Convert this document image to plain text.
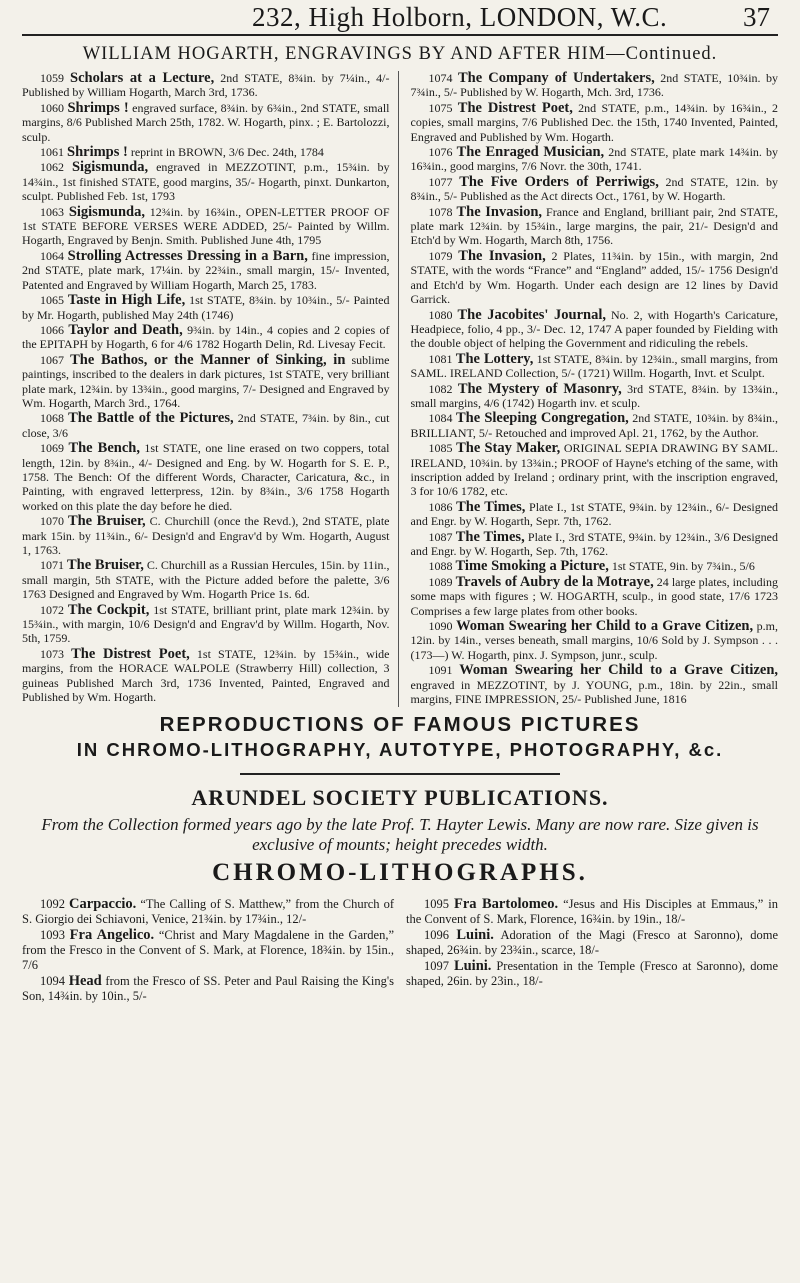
232, High Holborn, LONDON, W.C.	37
WILLIAM HOGARTH, ENGRAVINGS BY AND AFTER HIM—Continued.

1059 Scholars at a Lecture, 2nd STATE, 8¾in. by 7¼in., 4/- Published by William Hogarth, March 3rd, 1736.

1060 Shrimps ! engraved surface, 8¾in. by 6¾in., 2nd STATE, small margins, 8/6 Published March 25th, 1782. W. Hogarth, pinx. ; E. Bartolozzi, sculp.

1061 Shrimps ! reprint in BROWN, 3/6 Dec. 24th, 1784

1062 Sigismunda, engraved in MEZZOTINT, p.m., 15¾in. by 14¾in., 1st finished STATE, good margins, 35/- Hogarth, pinxt. Dunkarton, sculpt. Published Feb. 1st, 1793

1063 Sigismunda, 12¾in. by 16¾in., OPEN-LETTER PROOF OF 1st STATE BEFORE VERSES WERE ADDED, 25/- Painted by Willm. Hogarth, Engraved by Benjn. Smith. Published June 4th, 1795

1064 Strolling Actresses Dressing in a Barn, fine impression, 2nd STATE, plate mark, 17¼in. by 22¾in., small margin, 15/- Invented, Patented and Engraved by William Hogarth, March 25, 1783.

1065 Taste in High Life, 1st STATE, 8¾in. by 10¾in., 5/- Painted by Mr. Hogarth, published May 24th (1746)

1066 Taylor and Death, 9¾in. by 14in., 4 copies and 2 copies of the EPITAPH by Hogarth, 6 for 4/6 1782 Hogarth Delin, Rd. Livesay Fecit.

1067 The Bathos, or the Manner of Sinking, in sublime paintings, inscribed to the dealers in dark pictures, 1st STATE, very brilliant plate mark, 12¾in. by 13¾in., good margins, 7/- Designed and Engraved by Wm. Hogarth, March 3rd., 1764.

1068 The Battle of the Pictures, 2nd STATE, 7¾in. by 8in., cut close, 3/6

1069 The Bench, 1st STATE, one line erased on two coppers, total length, 12in. by 8¾in., 4/- Designed and Eng. by W. Hogarth for S. E. P., 1758. The Bench: Of the different Words, Character, Caricatura, &c., in Painting, with engraved letterpress, 12in. by 8¾in., 3/6 1758 Hogarth worked on this plate the day before he died.

1070 The Bruiser, C. Churchill (once the Revd.), 2nd STATE, plate mark 15in. by 11¾in., 6/- Design'd and Engrav'd by Wm. Hogarth, August 1, 1763.

1071 The Bruiser, C. Churchill as a Russian Hercules, 15in. by 11in., small margin, 5th STATE, with the Picture added before the palette, 3/6 1763 Designed and Engraved by Wm. Hogarth Price 1s. 6d.

1072 The Cockpit, 1st STATE, brilliant print, plate mark 12¾in. by 15¾in., with margin, 10/6 Design'd and Engrav'd by Willm. Hogarth, Nov. 5th, 1759.

1073 The Distrest Poet, 1st STATE, 12¾in. by 15¾in., wide margins, from the HORACE WALPOLE (Strawberry Hill) collection, 3 guineas Published March 3rd, 1736 Invented, Painted, Engraved and Published by Wm. Hogarth.

1074 The Company of Undertakers, 2nd STATE, 10¾in. by 7¾in., 5/- Published by W. Hogarth, Mch. 3rd, 1736.

1075 The Distrest Poet, 2nd STATE, p.m., 14¾in. by 16¾in., 2 copies, small margins, 7/6 Published Dec. the 15th, 1740 Invented, Painted, Engraved and Published by Wm. Hogarth.

1076 The Enraged Musician, 2nd STATE, plate mark 14¾in. by 16¾in., good margins, 7/6 Novr. the 30th, 1741.

1077 The Five Orders of Perriwigs, 2nd STATE, 12in. by 8¾in., 5/- Published as the Act directs Oct., 1761, by W. Hogarth.

1078 The Invasion, France and England, brilliant pair, 2nd STATE, plate mark 12¾in. by 15¾in., large margins, the pair, 21/- Design'd and Etch'd by Wm. Hogarth, March 8th, 1756.

1079 The Invasion, 2 Plates, 11¾in. by 15in., with margin, 2nd STATE, with the words “France” and “England” added, 15/- 1756 Design'd and Etch'd by Wm. Hogarth. Under each design are 12 lines by David Garrick.

1080 The Jacobites' Journal, No. 2, with Hogarth's Caricature, Headpiece, folio, 4 pp., 3/- Dec. 12, 1747 A paper founded by Fielding with the double object of helping the Government and ridiculing the rebels.

1081 The Lottery, 1st STATE, 8¾in. by 12¾in., small margins, from SAML. IRELAND Collection, 5/- (1721) Willm. Hogarth, Invt. et Sculpt.

1082 The Mystery of Masonry, 3rd STATE, 8¾in. by 13¾in., small margins, 4/6 (1742) Hogarth inv. et sculp.

1084 The Sleeping Congregation, 2nd STATE, 10¾in. by 8¾in., BRILLIANT, 5/- Retouched and improved Apl. 21, 1762, by the Author.

1085 The Stay Maker, ORIGINAL SEPIA DRAWING BY SAML. IRELAND, 10¾in. by 13¾in.; PROOF of Hayne's etching of the same, with inscription added by Ireland ; ordinary print, with the inscription engraved, 3 for 10/6 1782, etc.

1086 The Times, Plate I., 1st STATE, 9¾in. by 12¾in., 6/- Designed and Engr. by W. Hogarth, Sepr. 7th, 1762.

1087 The Times, Plate I., 3rd STATE, 9¾in. by 12¾in., 3/6 Designed and Engr. by W. Hogarth, Sep. 7th, 1762.

1088 Time Smoking a Picture, 1st STATE, 9in. by 7¾in., 5/6

1089 Travels of Aubry de la Motraye, 24 large plates, including some maps with figures ; W. HOGARTH, sculp., in good state, 17/6 1723 Comprises a few large plates from other books.

1090 Woman Swearing her Child to a Grave Citizen, p.m, 12in. by 14in., verses beneath, small margins, 10/6 Sold by J. Sympson . . . (173—) W. Hogarth, pinx. J. Sympson, junr., sculp.

1091 Woman Swearing her Child to a Grave Citizen, engraved in MEZZOTINT, by J. YOUNG, p.m., 18in. by 22in., small margins, FINE IMPRESSION, 25/- Published June, 1816

REPRODUCTIONS OF FAMOUS PICTURES
IN CHROMO-LITHOGRAPHY, AUTOTYPE, PHOTOGRAPHY, &c.
ARUNDEL SOCIETY PUBLICATIONS.
From the Collection formed years ago by the late Prof. T. Hayter Lewis. Many are now rare. Size given is exclusive of mounts; height precedes width.
CHROMO-LITHOGRAPHS.

1092 Carpaccio. “The Calling of S. Matthew,” from the Church of S. Giorgio dei Schiavoni, Venice, 21¾in. by 17¾in., 12/-

1093 Fra Angelico. “Christ and Mary Magdalene in the Garden,” from the Fresco in the Convent of S. Mark, at Florence, 18¾in. by 15in., 7/6

1094 Head from the Fresco of SS. Peter and Paul Raising the King's Son, 14¾in. by 10in., 5/-

1095 Fra Bartolomeo. “Jesus and His Disciples at Emmaus,” in the Convent of S. Mark, Florence, 16¾in. by 19in., 18/-

1096 Luini. Adoration of the Magi (Fresco at Saronno), dome shaped, 26¾in. by 23¾in., scarce, 18/-

1097 Luini. Presentation in the Temple (Fresco at Saronno), dome shaped, 26in. by 23in., 18/-
